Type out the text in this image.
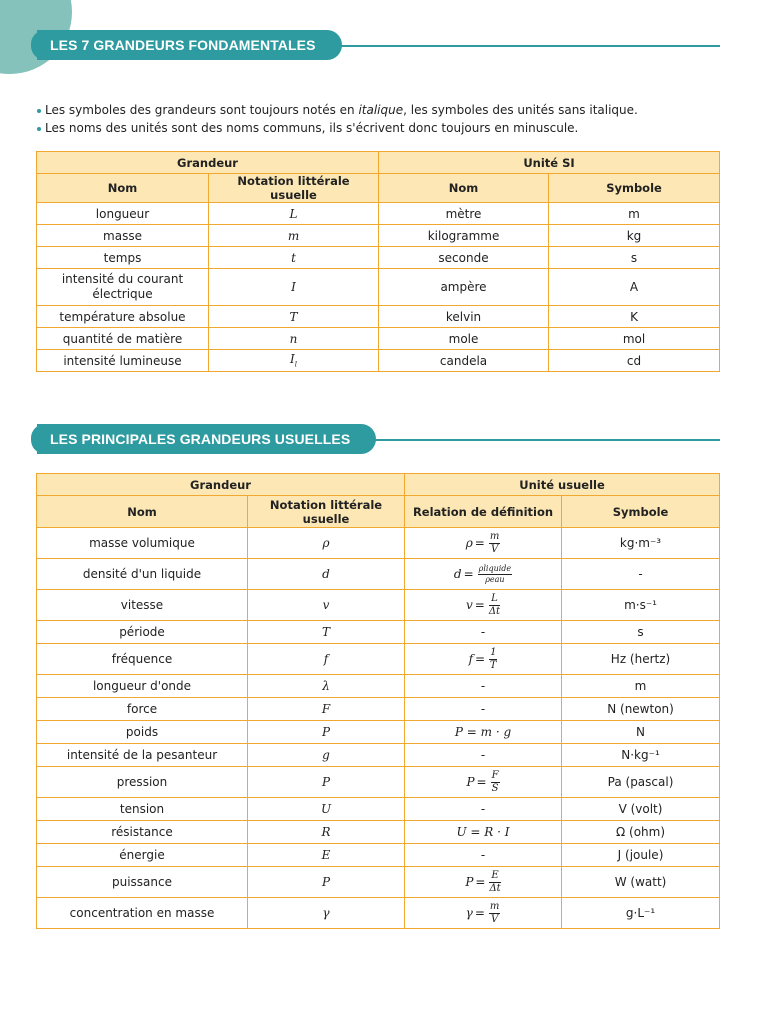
LES 7 GRANDEURS FONDAMENTALES
Les symboles des grandeurs sont toujours notés en italique, les symboles des unités sans italique.
Les noms des unités sont des noms communs, ils s'écrivent donc toujours en minuscule.
Grandeur		Unité SI	
Nom	Notation littérale usuelle	Nom	Symbole
longueur	L	mètre	m
masse	m	kilogramme	kg
temps	t	seconde	s
intensité du courant électrique	I	ampère	A
température absolue	T	kelvin	K
quantité de matière	n	mole	mol
intensité lumineuse	$I_l$	candela	cd
LES PRINCIPALES GRANDEURS USUELLES
Grandeur		Unité usuelle	
Nom	Notation littérale usuelle	Relation de définition	Symbole
masse volumique	ρ	$\rho = \frac{m}{V}$	kg·m⁻³
densité d'un liquide	d	$d = \frac{\text{ρliquide}}{\text{ρeau}}$	-
vitesse	v	$v = \frac{L}{\Delta t}$	m·s⁻¹
période	T	-	s
fréquence	f	$f = \frac{1}{T}$	Hz (hertz)
longueur d'onde	λ	-	m
force	F	-	N (newton)
poids	P	P = m · g	N
intensité de la pesanteur	g	-	N·kg⁻¹
pression	P	$P = \frac{F}{S}$	Pa (pascal)
tension	U	-	V (volt)
résistance	R	U = R · I	Ω (ohm)
énergie	E	-	J (joule)
puissance	P	$P = \frac{E}{\Delta t}$	W (watt)
concentration en masse	γ	$\gamma = \frac{m}{V}$	g·L⁻¹
